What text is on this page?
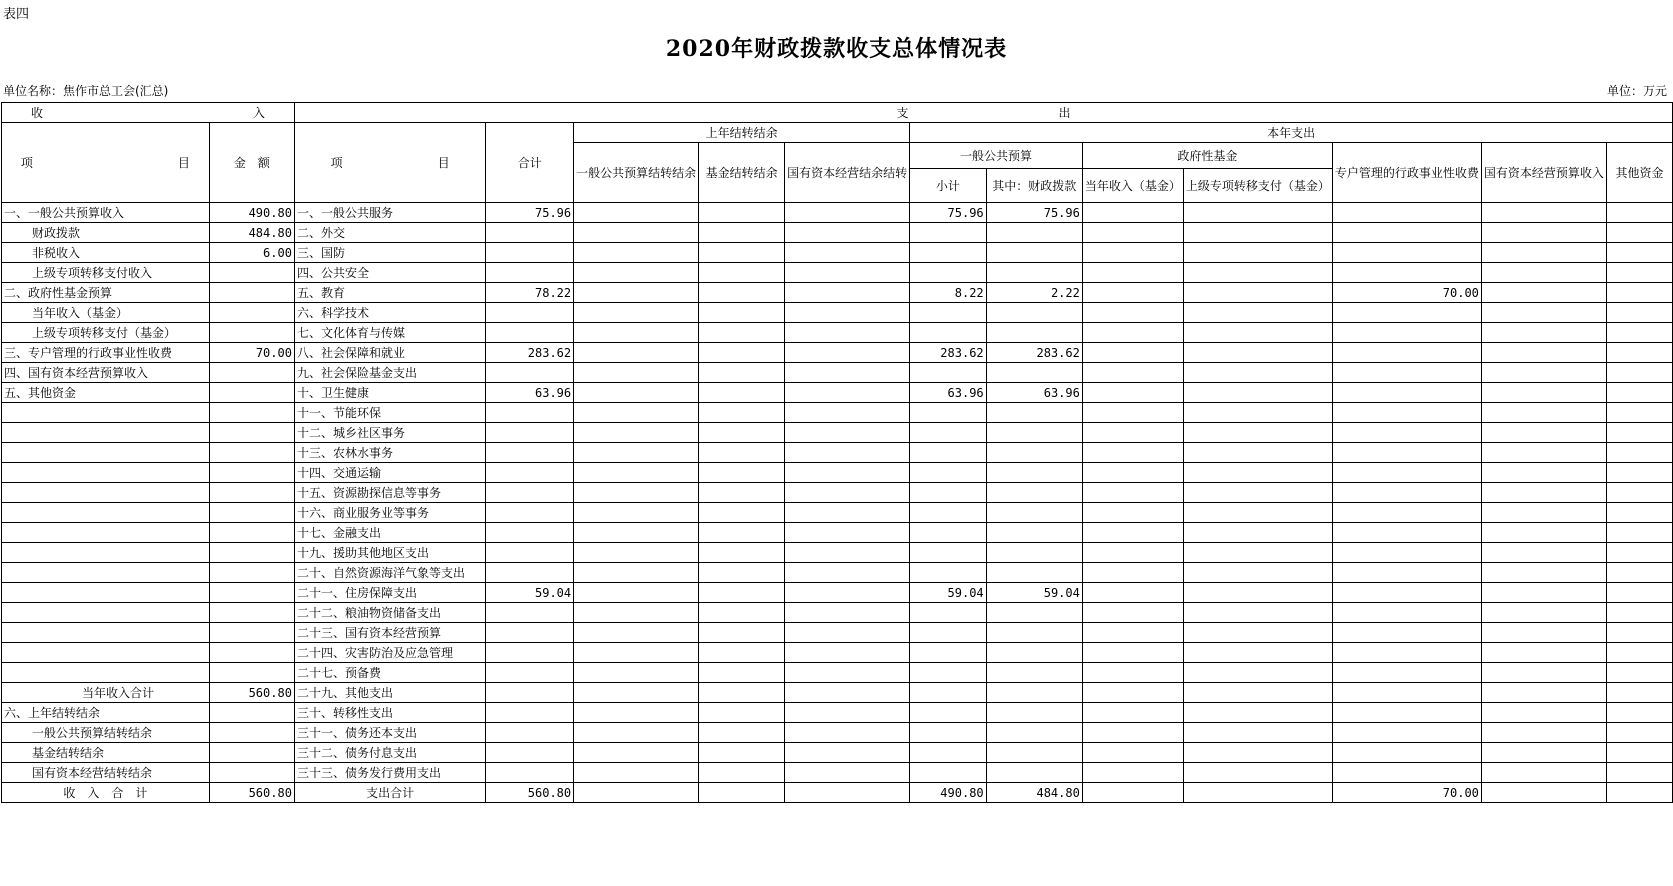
表四
2020年财政拨款收支总体情况表
单位名称：焦作市总工会(汇总)	单位：万元
收 入		支 出											
项 目	金　额	项 目	合计	上年结转结余			本年支出						
				一般公共预算结转结余	基金结转结余	国有资本经营结余结转	一般公共预算		政府性基金		专户管理的行政事业性收费	国有资本经营预算收入	其他资金
							小计	其中：财政拨款	当年收入（基金）	上级专项转移支付（基金）			
一、一般公共预算收入	490.80	一、一般公共服务	75.96				75.96	75.96					
财政拨款	484.80	二、外交											
非税收入	6.00	三、国防											
上级专项转移支付收入		四、公共安全											
二、政府性基金预算		五、教育	78.22				8.22	2.22			70.00		
当年收入（基金）		六、科学技术											
上级专项转移支付（基金）		七、文化体育与传媒											
三、专户管理的行政事业性收费	70.00	八、社会保障和就业	283.62				283.62	283.62					
四、国有资本经营预算收入		九、社会保险基金支出											
五、其他资金		十、卫生健康	63.96				63.96	63.96					
		十一、节能环保											
		十二、城乡社区事务											
		十三、农林水事务											
		十四、交通运输											
		十五、资源勘探信息等事务											
		十六、商业服务业等事务											
		十七、金融支出											
		十九、援助其他地区支出											
		二十、自然资源海洋气象等支出											
		二十一、住房保障支出	59.04				59.04	59.04					
		二十二、粮油物资储备支出											
		二十三、国有资本经营预算											
		二十四、灾害防治及应急管理											
		二十七、预备费											
当年收入合计	560.80	二十九、其他支出											
六、上年结转结余		三十、转移性支出											
一般公共预算结转结余		三十一、债务还本支出											
基金结转结余		三十二、债务付息支出											
国有资本经营结转结余		三十三、债务发行费用支出											
收　入　合　计	560.80	支出合计	560.80				490.80	484.80			70.00		
